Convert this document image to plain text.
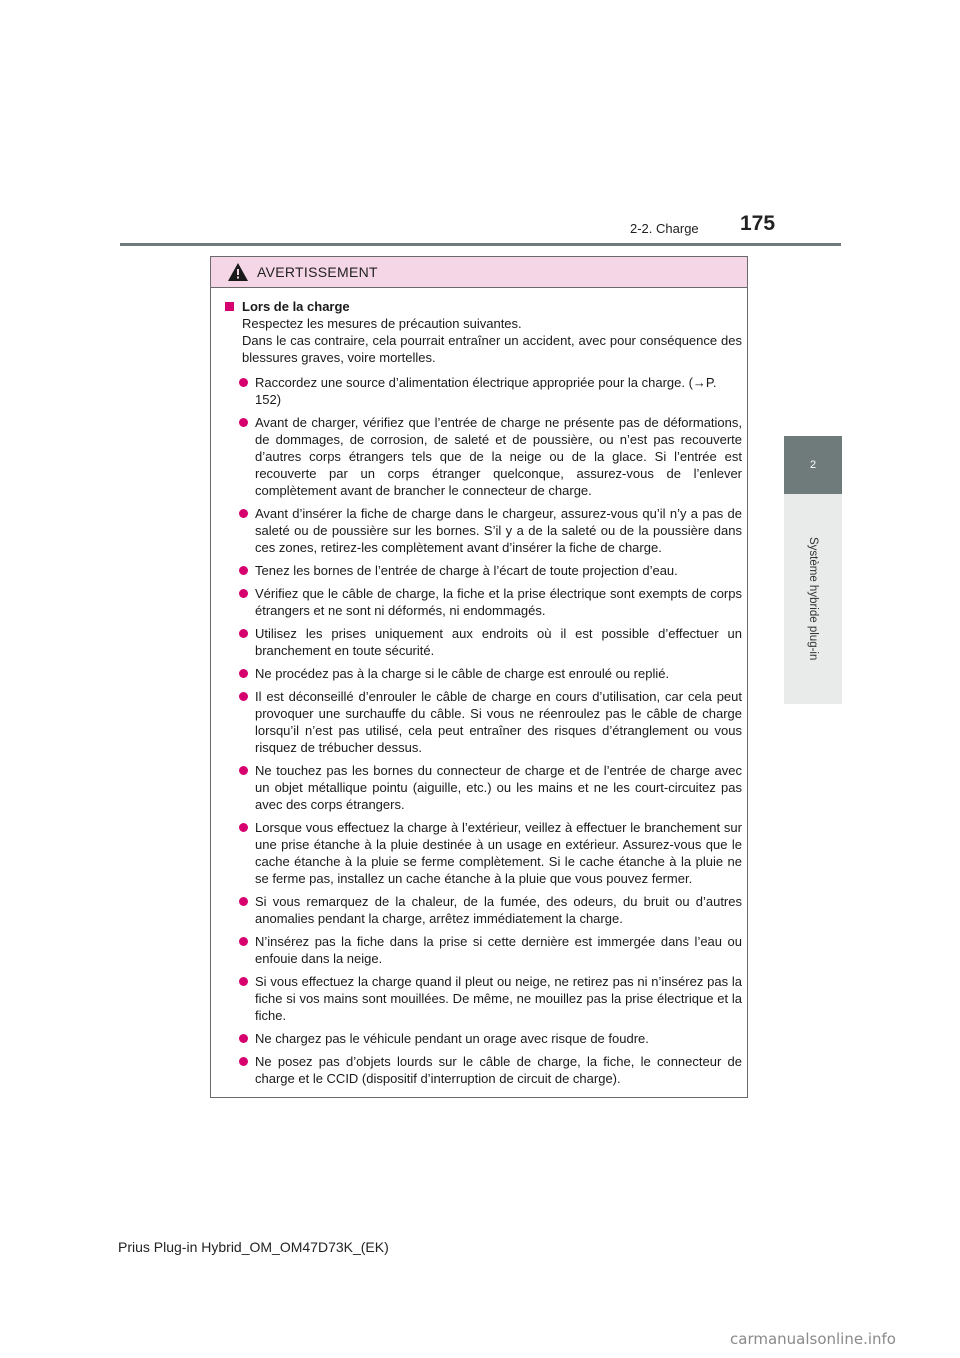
2-2. Charge 175
2
Système hybride plug-in
AVERTISSEMENT
Lors de la charge
Respectez les mesures de précaution suivantes.
Dans le cas contraire, cela pourrait entraîner un accident, avec pour conséquence des blessures graves, voire mortelles.
Raccordez une source d’alimentation électrique appropriée pour la charge. (→P. 152)
Avant de charger, vérifiez que l’entrée de charge ne présente pas de déformations, de dommages, de corrosion, de saleté et de poussière, ou n’est pas recouverte d’autres corps étrangers tels que de la neige ou de la glace. Si l’entrée est recouverte par un corps étranger quelconque, assurez-vous de l’enlever complètement avant de brancher le connecteur de charge.
Avant d’insérer la fiche de charge dans le chargeur, assurez-vous qu’il n’y a pas de saleté ou de poussière sur les bornes. S’il y a de la saleté ou de la poussière dans ces zones, retirez-les complètement avant d’insérer la fiche de charge.
Tenez les bornes de l’entrée de charge à l’écart de toute projection d’eau.
Vérifiez que le câble de charge, la fiche et la prise électrique sont exempts de corps étrangers et ne sont ni déformés, ni endommagés.
Utilisez les prises uniquement aux endroits où il est possible d’effectuer un branchement en toute sécurité.
Ne procédez pas à la charge si le câble de charge est enroulé ou replié.
Il est déconseillé d’enrouler le câble de charge en cours d’utilisation, car cela peut provoquer une surchauffe du câble. Si vous ne réenroulez pas le câble de charge lorsqu’il n’est pas utilisé, cela peut entraîner des risques d’étranglement ou vous risquez de trébucher dessus.
Ne touchez pas les bornes du connecteur de charge et de l’entrée de charge avec un objet métallique pointu (aiguille, etc.) ou les mains et ne les court-circuitez pas avec des corps étrangers.
Lorsque vous effectuez la charge à l’extérieur, veillez à effectuer le branchement sur une prise étanche à la pluie destinée à un usage en extérieur. Assurez-vous que le cache étanche à la pluie se ferme complètement. Si le cache étanche à la pluie ne se ferme pas, installez un cache étanche à la pluie que vous pouvez fermer.
Si vous remarquez de la chaleur, de la fumée, des odeurs, du bruit ou d’autres anomalies pendant la charge, arrêtez immédiatement la charge.
N’insérez pas la fiche dans la prise si cette dernière est immergée dans l’eau ou enfouie dans la neige.
Si vous effectuez la charge quand il pleut ou neige, ne retirez pas ni n’insérez pas la fiche si vos mains sont mouillées. De même, ne mouillez pas la prise électrique et la fiche.
Ne chargez pas le véhicule pendant un orage avec risque de foudre.
Ne posez pas d’objets lourds sur le câble de charge, la fiche, le connecteur de charge et le CCID (dispositif d’interruption de circuit de charge).
Prius Plug-in Hybrid_OM_OM47D73K_(EK)
carmanualsonline.info
